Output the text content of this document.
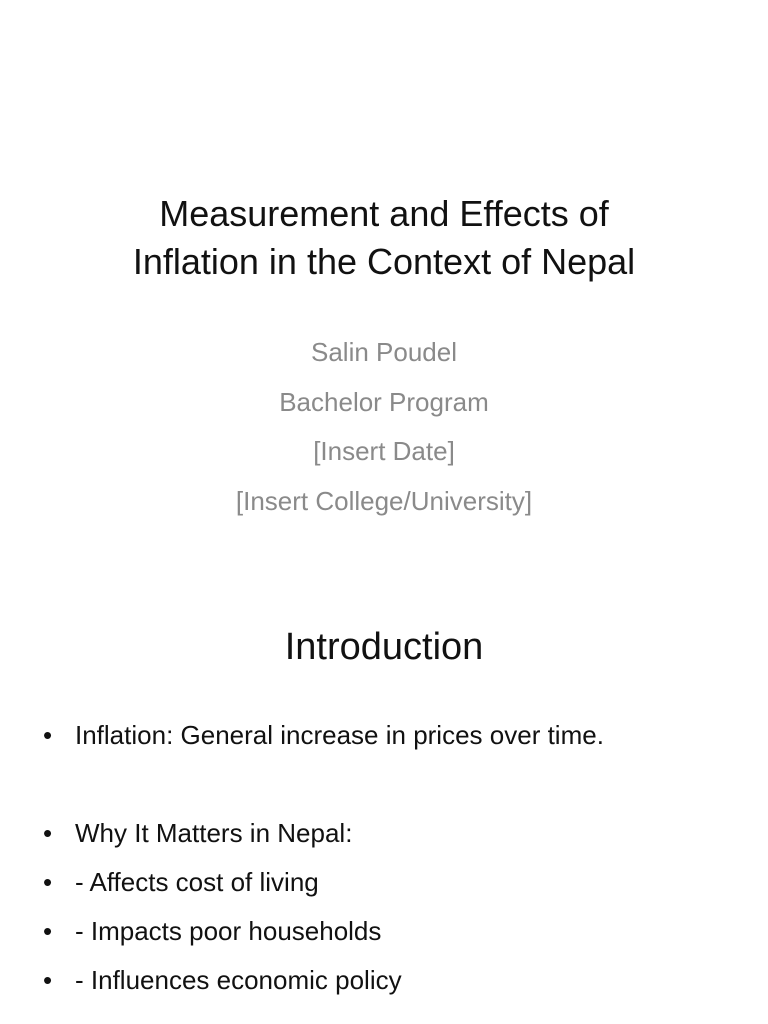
Measurement and Effects of
Inflation in the Context of Nepal
Salin Poudel
Bachelor Program
[Insert Date]
[Insert College/University]
Introduction
• Inflation: General increase in prices over time.
• Why It Matters in Nepal:
• - Affects cost of living
• - Impacts poor households
• - Influences economic policy
